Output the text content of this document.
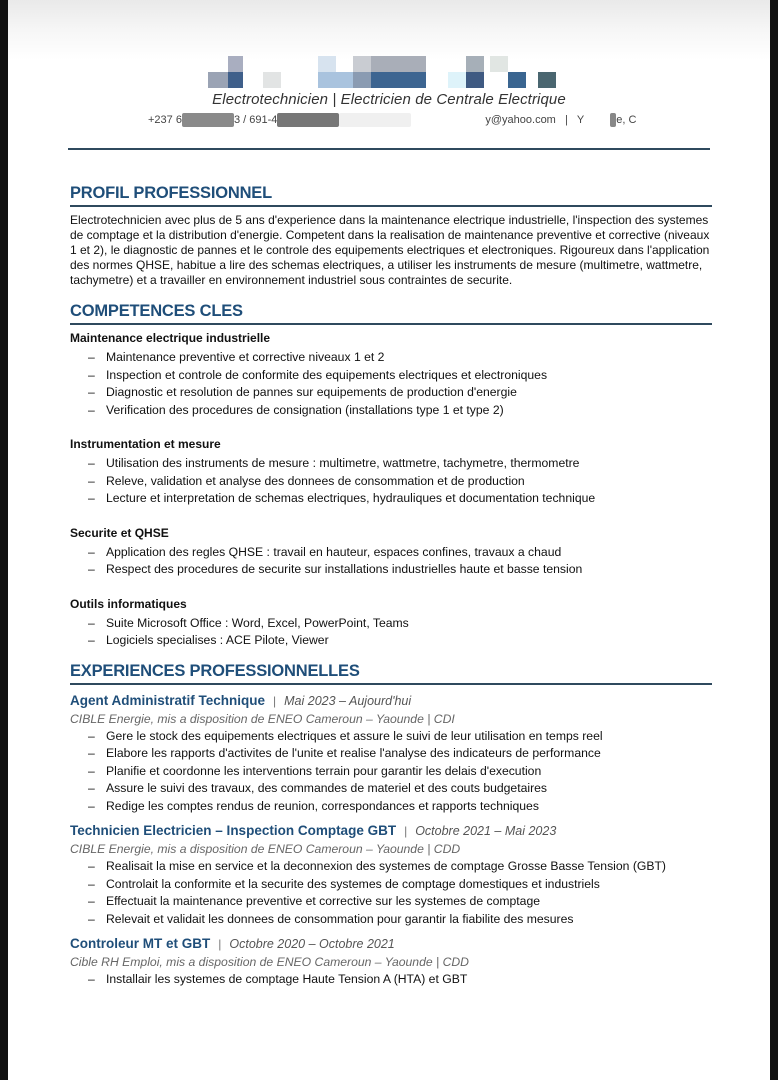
Electrotechnicien | Electricien de Centrale Electrique
+237 6	3 / 691-4	y@yahoo.com | Y	e, C
PROFIL PROFESSIONNEL

Electrotechnicien avec plus de 5 ans d'experience dans la maintenance electrique industrielle, l'inspection des systemes de comptage et la distribution d'energie. Competent dans la realisation de maintenance preventive et corrective (niveaux 1 et 2), le diagnostic de pannes et le controle des equipements electriques et electroniques. Rigoureux dans l'application des normes QHSE, habitue a lire des schemas electriques, a utiliser les instruments de mesure (multimetre, wattmetre, tachymetre) et a travailler en environnement industriel sous contraintes de securite.

COMPETENCES CLES
Maintenance electrique industrielle
– Maintenance preventive et corrective niveaux 1 et 2
– Inspection et controle de conformite des equipements electriques et electroniques
– Diagnostic et resolution de pannes sur equipements de production d'energie
– Verification des procedures de consignation (installations type 1 et type 2)
Instrumentation et mesure
– Utilisation des instruments de mesure : multimetre, wattmetre, tachymetre, thermometre
– Releve, validation et analyse des donnees de consommation et de production
– Lecture et interpretation de schemas electriques, hydrauliques et documentation technique
Securite et QHSE
– Application des regles QHSE : travail en hauteur, espaces confines, travaux a chaud
– Respect des procedures de securite sur installations industrielles haute et basse tension
Outils informatiques
– Suite Microsoft Office : Word, Excel, PowerPoint, Teams
– Logiciels specialises : ACE Pilote, Viewer
EXPERIENCES PROFESSIONNELLES
Agent Administratif Technique | Mai 2023 – Aujourd'hui
CIBLE Energie, mis a disposition de ENEO Cameroun – Yaounde | CDI
– Gere le stock des equipements electriques et assure le suivi de leur utilisation en temps reel
– Elabore les rapports d'activites de l'unite et realise l'analyse des indicateurs de performance
– Planifie et coordonne les interventions terrain pour garantir les delais d'execution
– Assure le suivi des travaux, des commandes de materiel et des couts budgetaires
– Redige les comptes rendus de reunion, correspondances et rapports techniques
Technicien Electricien – Inspection Comptage GBT | Octobre 2021 – Mai 2023
CIBLE Energie, mis a disposition de ENEO Cameroun – Yaounde | CDD
– Realisait la mise en service et la deconnexion des systemes de comptage Grosse Basse Tension (GBT)
– Controlait la conformite et la securite des systemes de comptage domestiques et industriels
– Effectuait la maintenance preventive et corrective sur les systemes de comptage
– Relevait et validait les donnees de consommation pour garantir la fiabilite des mesures
Controleur MT et GBT | Octobre 2020 – Octobre 2021
Cible RH Emploi, mis a disposition de ENEO Cameroun – Yaounde | CDD
– Installair les systemes de comptage Haute Tension A (HTA) et GBT
